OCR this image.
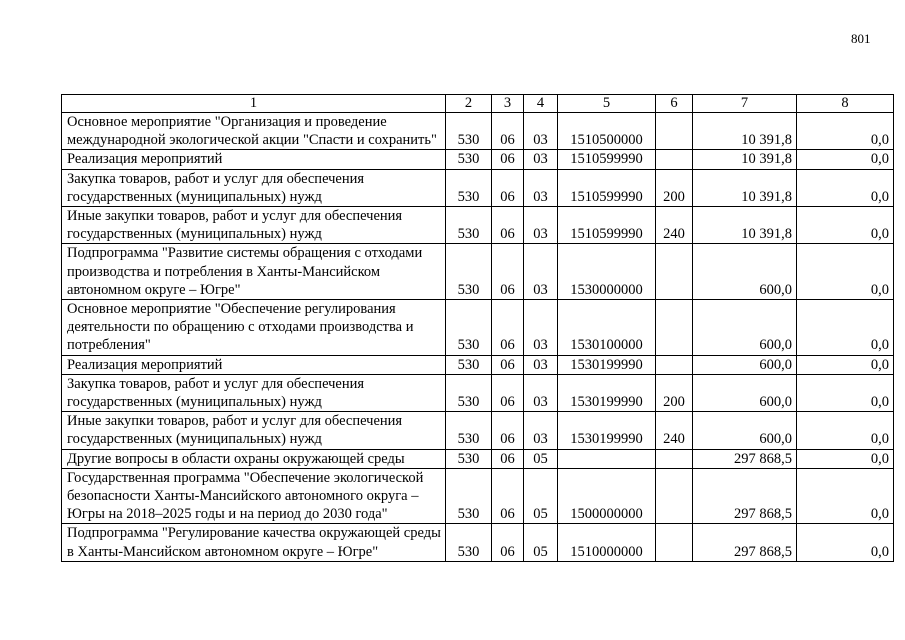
801
1	2	3	4	5	6	7	8
Основное мероприятие "Организация и проведение международной экологической акции "Спасти и сохранить"	530	06	03	1510500000		10 391,8	0,0
Реализация мероприятий	530	06	03	1510599990		10 391,8	0,0
Закупка товаров, работ и услуг для обеспечения государственных (муниципальных) нужд	530	06	03	1510599990	200	10 391,8	0,0
Иные закупки товаров, работ и услуг для обеспечения государственных (муниципальных) нужд	530	06	03	1510599990	240	10 391,8	0,0
Подпрограмма "Развитие системы обращения с отходами производства и потребления в Ханты-Мансийском автономном округе – Югре"	530	06	03	1530000000		600,0	0,0
Основное мероприятие "Обеспечение регулирования деятельности по обращению с отходами производства и потребления"	530	06	03	1530100000		600,0	0,0
Реализация мероприятий	530	06	03	1530199990		600,0	0,0
Закупка товаров, работ и услуг для обеспечения государственных (муниципальных) нужд	530	06	03	1530199990	200	600,0	0,0
Иные закупки товаров, работ и услуг для обеспечения государственных (муниципальных) нужд	530	06	03	1530199990	240	600,0	0,0
Другие вопросы в области охраны окружающей среды	530	06	05			297 868,5	0,0
Государственная программа "Обеспечение экологической безопасности Ханты-Мансийского автономного округа – Югры на 2018–2025 годы и на период до 2030 года"	530	06	05	1500000000		297 868,5	0,0
Подпрограмма "Регулирование качества окружающей среды в Ханты-Мансийском автономном округе – Югре"	530	06	05	1510000000		297 868,5	0,0
